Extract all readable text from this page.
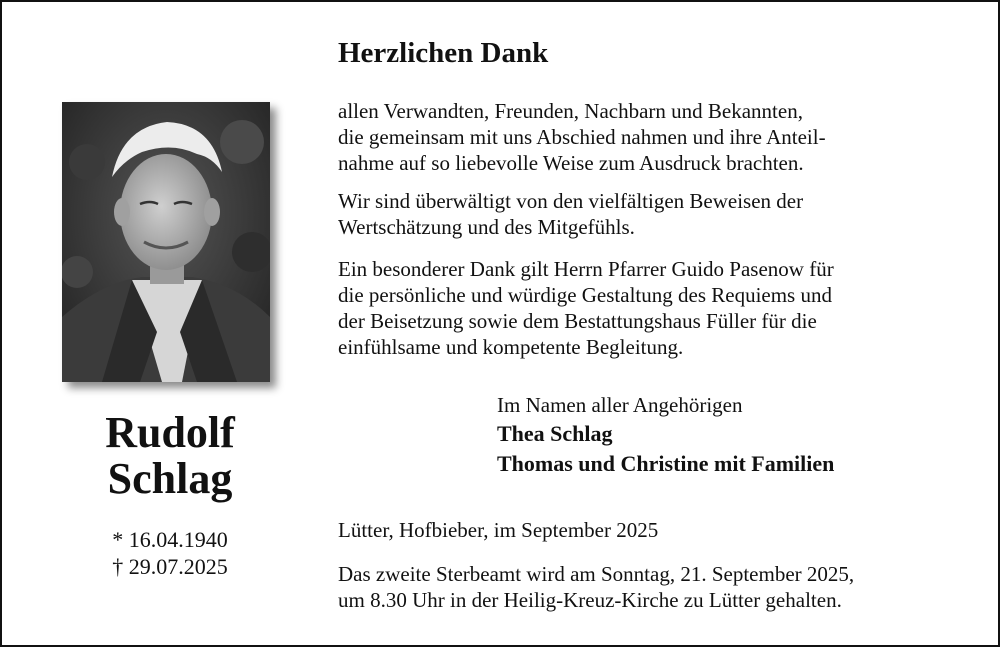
Rudolf
Schlag
* 16.04.1940
† 29.07.2025
Herzlichen Dank
allen Verwandten, Freunden, Nachbarn und Bekannten,
die gemeinsam mit uns Abschied nahmen und ihre Anteil-
nahme auf so liebevolle Weise zum Ausdruck brachten.
Wir sind überwältigt von den vielfältigen Beweisen der
Wertschätzung und des Mitgefühls.
Ein besonderer Dank gilt Herrn Pfarrer Guido Pasenow für
die persönliche und würdige Gestaltung des Requiems und
der Beisetzung sowie dem Bestattungshaus Füller für die
einfühlsame und kompetente Begleitung.
Im Namen aller Angehörigen
Thea Schlag
Thomas und Christine mit Familien
Lütter, Hofbieber, im September 2025
Das zweite Sterbeamt wird am Sonntag, 21. September 2025,
um 8.30 Uhr in der Heilig-Kreuz-Kirche zu Lütter gehalten.
